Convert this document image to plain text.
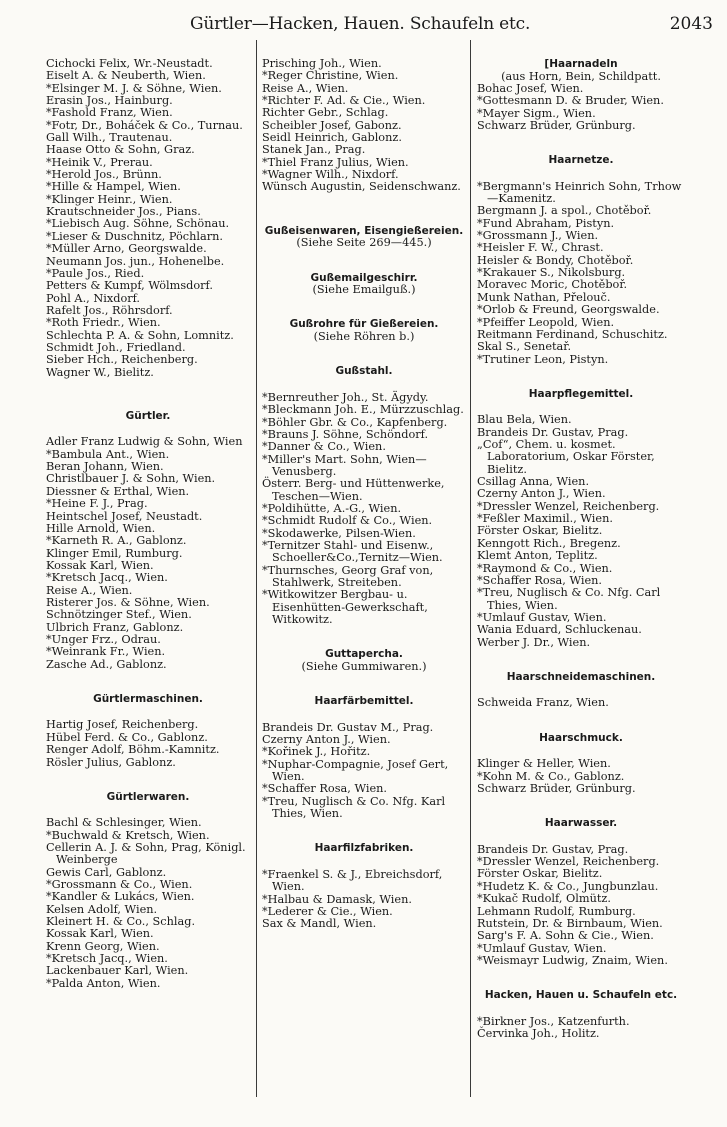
Gürtler—Hacken, Hauen. Schaufeln etc.	2043
Cichocki Felix, Wr.-Neustadt.
Eiselt A. & Neuberth, Wien.
*Elsinger M. J. & Söhne, Wien.
Erasin Jos., Hainburg.
*Fashold Franz, Wien.
*Fotr, Dr., Boháček & Co., Turnau.
Gall Wilh., Trautenau.
Haase Otto & Sohn, Graz.
*Heinik V., Prerau.
*Herold Jos., Brünn.
*Hille & Hampel, Wien.
*Klinger Heinr., Wien.
Krautschneider Jos., Pians.
*Liebisch Aug. Söhne, Schönau.
*Lieser & Duschnitz, Pöchlarn.
*Müller Arno, Georgswalde.
Neumann Jos. jun., Hohenelbe.
*Paule Jos., Ried.
Petters & Kumpf, Wölmsdorf.
Pohl A., Nixdorf.
Rafelt Jos., Röhrsdorf.
*Roth Friedr., Wien.
Schlechta P. A. & Sohn, Lomnitz.
Schmidt Joh., Friedland.
Sieber Hch., Reichenberg.
Wagner W., Bielitz.
Gürtler.
Adler Franz Ludwig & Sohn, Wien
*Bambula Ant., Wien.
Beran Johann, Wien.
Christlbauer J. & Sohn, Wien.
Diessner & Erthal, Wien.
*Heine F. J., Prag.
Heintschel Josef, Neustadt.
Hille Arnold, Wien.
*Karneth R. A., Gablonz.
Klinger Emil, Rumburg.
Kossak Karl, Wien.
*Kretsch Jacq., Wien.
Reise A., Wien.
Risterer Jos. & Söhne, Wien.
Schnötzinger Stef., Wien.
Ulbrich Franz, Gablonz.
*Unger Frz., Odrau.
*Weinrank Fr., Wien.
Zasche Ad., Gablonz.
Gürtlermaschinen.
Hartig Josef, Reichenberg.
Hübel Ferd. & Co., Gablonz.
Renger Adolf, Böhm.-Kamnitz.
Rösler Julius, Gablonz.
Gürtlerwaren.
Bachl & Schlesinger, Wien.
*Buchwald & Kretsch, Wien.
Cellerin A. J. & Sohn, Prag, Königl. Weinberge
Gewis Carl, Gablonz.
*Grossmann & Co., Wien.
*Kandler & Lukács, Wien.
Kelsen Adolf, Wien.
Kleinert H. & Co., Schlag.
Kossak Karl, Wien.
Krenn Georg, Wien.
*Kretsch Jacq., Wien.
Lackenbauer Karl, Wien.
*Palda Anton, Wien.
Prisching Joh., Wien.
*Reger Christine, Wien.
Reise A., Wien.
*Richter F. Ad. & Cie., Wien.
Richter Gebr., Schlag.
Scheibler Josef, Gabonz.
Seidl Heinrich, Gablonz.
Stanek Jan., Prag.
*Thiel Franz Julius, Wien.
*Wagner Wilh., Nixdorf.
Wünsch Augustin, Seidenschwanz.
Gußeisenwaren, Eisengießereien.
(Siehe Seite 269—445.)
Gußemailgeschirr.
(Siehe Emailguß.)
Gußrohre für Gießereien.
(Siehe Röhren b.)
Gußstahl.
*Bernreuther Joh., St. Ägydy.
*Bleckmann Joh. E., Mürzzuschlag.
*Böhler Gbr. & Co., Kapfenberg.
*Brauns J. Söhne, Schöndorf.
*Danner & Co., Wien.
*Miller's Mart. Sohn, Wien—Venusberg.
Österr. Berg- und Hüttenwerke, Teschen—Wien.
*Poldihütte, A.-G., Wien.
*Schmidt Rudolf & Co., Wien.
*Skodawerke, Pilsen-Wien.
*Ternitzer Stahl- und Eisenw., Schoeller&Co.,Ternitz—Wien.
*Thurnsches, Georg Graf von, Stahlwerk, Streiteben.
*Witkowitzer Bergbau- u. Eisenhütten-Gewerkschaft, Witkowitz.
Guttapercha.
(Siehe Gummiwaren.)
Haarfärbemittel.
Brandeis Dr. Gustav M., Prag.
Czerny Anton J., Wien.
*Kořinek J., Hořitz.
*Nuphar-Compagnie, Josef Gert, Wien.
*Schaffer Rosa, Wien.
*Treu, Nuglisch & Co. Nfg. Karl Thies, Wien.
Haarfilzfabriken.
*Fraenkel S. & J., Ebreichsdorf, Wien.
*Halbau & Damask, Wien.
*Lederer & Cie., Wien.
Sax & Mandl, Wien.
[Haarnadeln
(aus Horn, Bein, Schildpatt.
Bohac Josef, Wien.
*Gottesmann D. & Bruder, Wien.
*Mayer Sigm., Wien.
Schwarz Brüder, Grünburg.
Haarnetze.
*Bergmann's Heinrich Sohn, Trhow—Kamenitz.
Bergmann J. a spol., Chotěboř.
*Fund Abraham, Pistyn.
*Grossmann J., Wien.
*Heisler F. W., Chrast.
Heisler & Bondy, Chotěboř.
*Krakauer S., Nikolsburg.
Moravec Moric, Chotěboř.
Munk Nathan, Přelouč.
*Orlob & Freund, Georgswalde.
*Pfeiffer Leopold, Wien.
Reitmann Ferdinand, Schuschitz.
Skal S., Senetař.
*Trutiner Leon, Pistyn.
Haarpflegemittel.
Blau Bela, Wien.
Brandeis Dr. Gustav, Prag.
„Cof“, Chem. u. kosmet. Laboratorium, Oskar Förster, Bielitz.
Csillag Anna, Wien.
Czerny Anton J., Wien.
*Dressler Wenzel, Reichenberg.
*Feßler Maximil., Wien.
Förster Oskar, Bielitz.
Kenngott Rich., Bregenz.
Klemt Anton, Teplitz.
*Raymond & Co., Wien.
*Schaffer Rosa, Wien.
*Treu, Nuglisch & Co. Nfg. Carl Thies, Wien.
*Umlauf Gustav, Wien.
Wania Eduard, Schluckenau.
Werber J. Dr., Wien.
Haarschneidemaschinen.
Schweida Franz, Wien.
Haarschmuck.
Klinger & Heller, Wien.
*Kohn M. & Co., Gablonz.
Schwarz Brüder, Grünburg.
Haarwasser.
Brandeis Dr. Gustav, Prag.
*Dressler Wenzel, Reichenberg.
Förster Oskar, Bielitz.
*Hudetz K. & Co., Jungbunzlau.
*Kukač Rudolf, Olmütz.
Lehmann Rudolf, Rumburg.
Rutstein, Dr. & Birnbaum, Wien.
Sarg's F. A. Sohn & Cie., Wien.
*Umlauf Gustav, Wien.
*Weismayr Ludwig, Znaim, Wien.
Hacken, Hauen u. Schaufeln etc.
*Birkner Jos., Katzenfurth.
Červinka Joh., Holitz.
